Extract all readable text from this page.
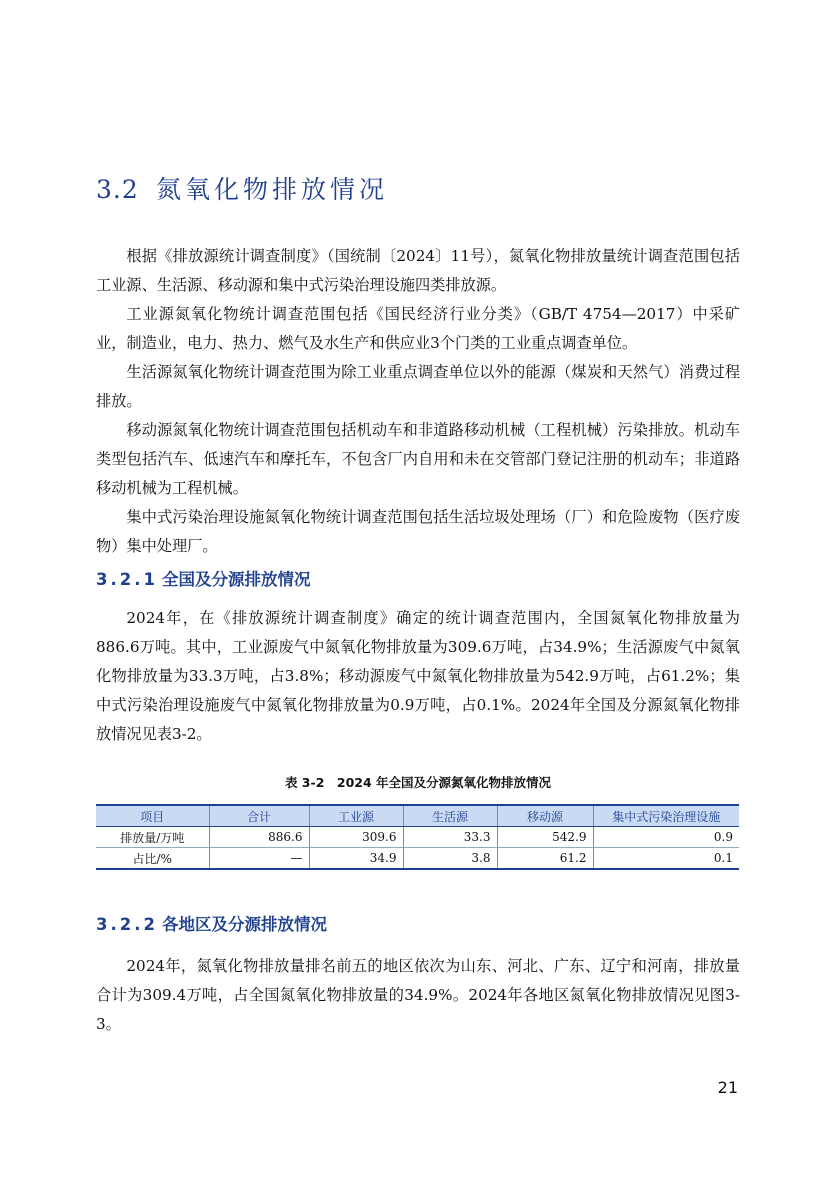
3.2 氮氧化物排放情况

根据《排放源统计调查制度》（国统制〔2024〕11号），氮氧化物排放量统计调查范围包括工业源、生活源、移动源和集中式污染治理设施四类排放源。

工业源氮氧化物统计调查范围包括《国民经济行业分类》（GB/T 4754—2017）中采矿业，制造业，电力、热力、燃气及水生产和供应业3个门类的工业重点调查单位。

生活源氮氧化物统计调查范围为除工业重点调查单位以外的能源（煤炭和天然气）消费过程排放。

移动源氮氧化物统计调查范围包括机动车和非道路移动机械（工程机械）污染排放。机动车类型包括汽车、低速汽车和摩托车，不包含厂内自用和未在交管部门登记注册的机动车；非道路移动机械为工程机械。

集中式污染治理设施氮氧化物统计调查范围包括生活垃圾处理场（厂）和危险废物（医疗废物）集中处理厂。

3.2.1 全国及分源排放情况

2024年，在《排放源统计调查制度》确定的统计调查范围内，全国氮氧化物排放量为886.6万吨。其中，工业源废气中氮氧化物排放量为309.6万吨，占34.9%；生活源废气中氮氧化物排放量为33.3万吨，占3.8%；移动源废气中氮氧化物排放量为542.9万吨，占61.2%；集中式污染治理设施废气中氮氧化物排放量为0.9万吨，占0.1%。2024年全国及分源氮氧化物排放情况见表3-2。

表 3-2　2024 年全国及分源氮氧化物排放情况
项目	合计	工业源	生活源	移动源	集中式污染治理设施
排放量/万吨	886.6	309.6	33.3	542.9	0.9
占比/%	—	34.9	3.8	61.2	0.1
3.2.2 各地区及分源排放情况

2024年，氮氧化物排放量排名前五的地区依次为山东、河北、广东、辽宁和河南，排放量合计为309.4万吨，占全国氮氧化物排放量的34.9%。2024年各地区氮氧化物排放情况见图3-3。

21
